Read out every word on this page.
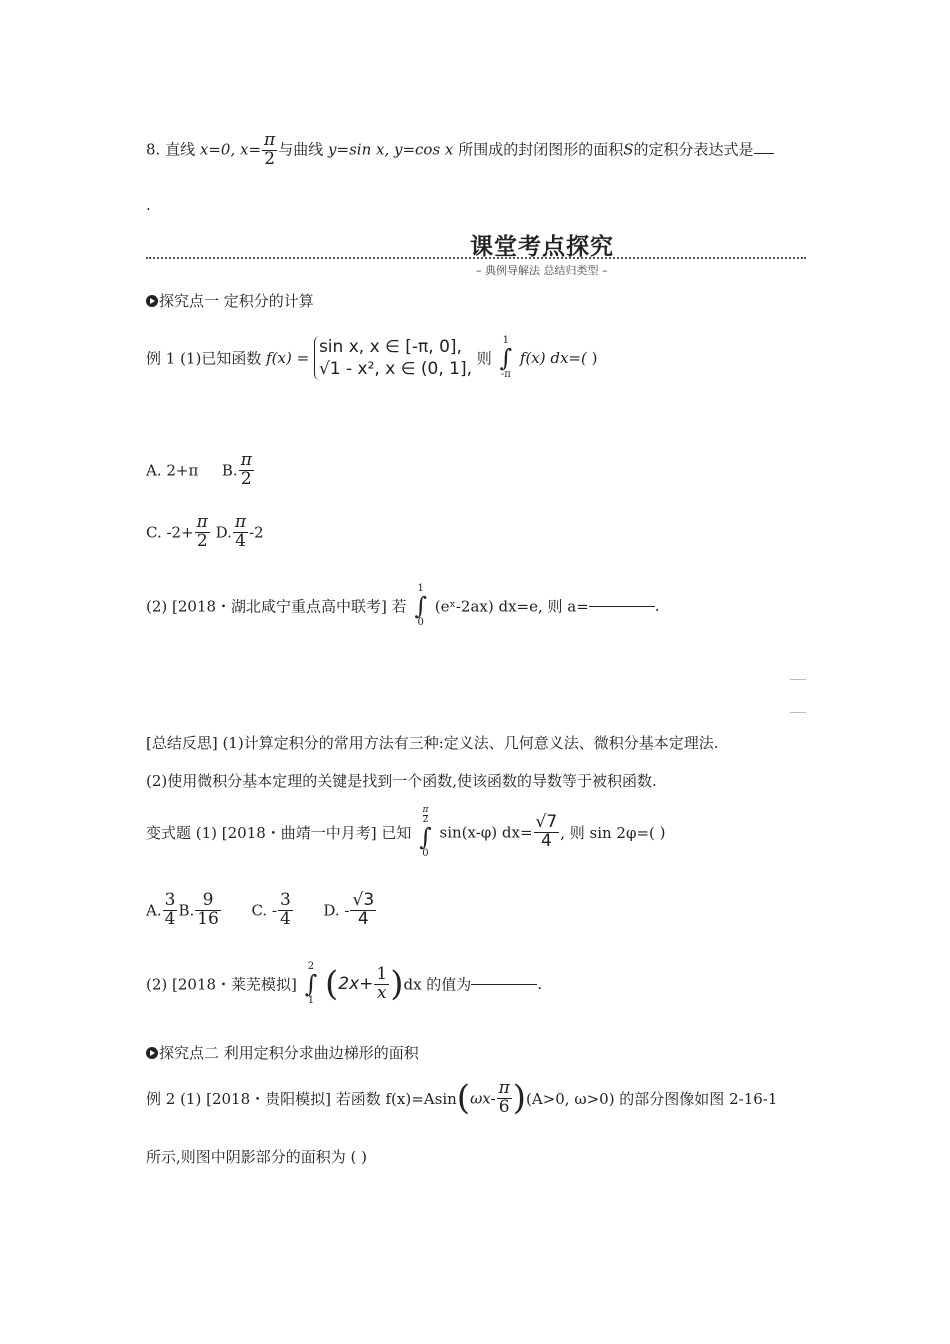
8. 直线 x=0, $x= \frac{\pi}{2}$ 与曲线 y=sin x, y=cos x 所围成的封闭图形的面积S的定积分表达式是
.
课堂考点探究
– 典例导解法 总结归类型 –
探究点一 定积分的计算
例 1 (1)已知函数 f(x) =
sin x, x ∈ [-π, 0],
√1 - x², x ∈ (0, 1],
则 1
∫
-π f(x) dx=( )
A. 2+π B. $\frac{\pi}{2}$
C. $-2+ \frac{\pi}{2} D$. $\frac{\pi}{4} -2$
(2) [2018・湖北咸宁重点高中联考] 若 1
∫
0 (eˣ-2ax) dx=e, 则 a=	.
[总结反思] (1)计算定积分的常用方法有三种:定义法、几何意义法、微积分基本定理法.
(2)使用微积分基本定理的关键是找到一个函数,使该函数的导数等于被积函数.
变式题 (1) [2018・曲靖一中月考] 已知
$\frac{\pi}{2}$
∫
0 sin(x-φ) $dx= \frac{√7}{4}$ , 则 sin 2φ=( )
A. $\frac{3}{4} B$. $\frac{9}{16} C$. - $\frac{3}{4} D$. - $\frac{√3}{4}$
(2) [2018・莱芜模拟] 2
∫
1 $(2x+ \frac{1}{x} )dx$ 的值为	.
探究点二 利用定积分求曲边梯形的面积
例 2 (1) [2018・贵阳模拟] 若函数 $f(x)=Asin(\omega x- \frac{\pi}{6} )(A>0$, ω>0) 的部分图像如图 2-16-1
所示,则图中阴影部分的面积为 ( )
